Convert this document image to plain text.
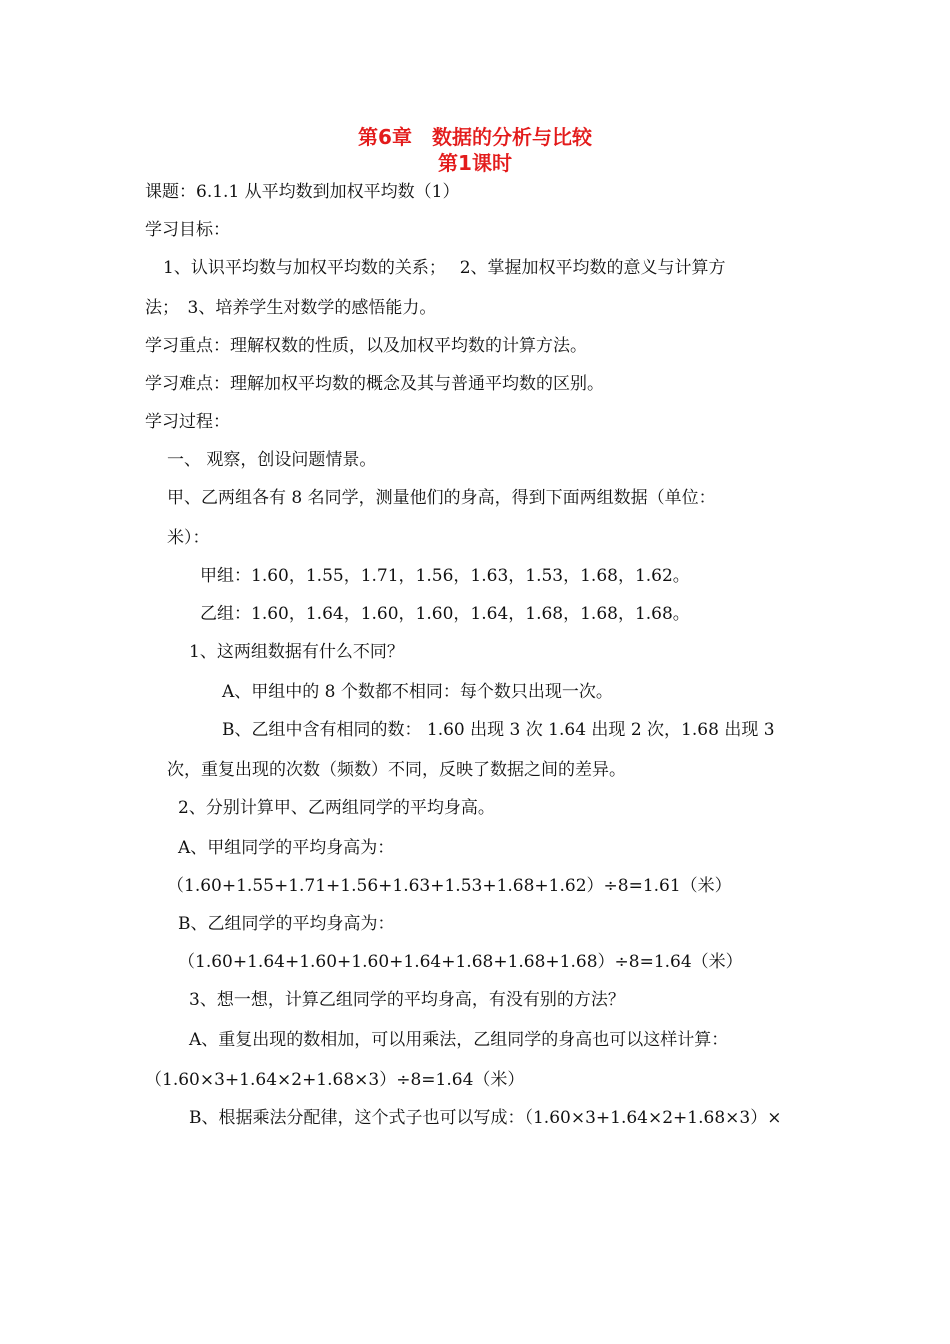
第6章　数据的分析与比较
第1课时
课题：6.1.1 从平均数到加权平均数（1）
学习目标：
1、认识平均数与加权平均数的关系；　 2、掌握加权平均数的意义与计算方
法；　3、培养学生对数学的感悟能力。
学习重点：理解权数的性质，以及加权平均数的计算方法。
学习难点：理解加权平均数的概念及其与普通平均数的区别。
学习过程：
一、 观察，创设问题情景。
甲、乙两组各有 8 名同学，测量他们的身高，得到下面两组数据（单位：
米）：
甲组：1.60，1.55，1.71，1.56，1.63，1.53，1.68，1.62。
乙组：1.60，1.64，1.60，1.60，1.64，1.68，1.68，1.68。
1、这两组数据有什么不同？
A、甲组中的 8 个数都不相同：每个数只出现一次。
B、乙组中含有相同的数： 1.60 出现 3 次 1.64 出现 2 次，1.68 出现 3
次，重复出现的次数（频数）不同，反映了数据之间的差异。
2、分别计算甲、乙两组同学的平均身高。
A、甲组同学的平均身高为：
（1.60+1.55+1.71+1.56+1.63+1.53+1.68+1.62）÷8=1.61（米）
B、乙组同学的平均身高为：
（1.60+1.64+1.60+1.60+1.64+1.68+1.68+1.68）÷8=1.64（米）
3、想一想，计算乙组同学的平均身高，有没有别的方法？
A、重复出现的数相加，可以用乘法，乙组同学的身高也可以这样计算：
（1.60×3+1.64×2+1.68×3）÷8=1.64（米）
B、根据乘法分配律，这个式子也可以写成：（1.60×3+1.64×2+1.68×3）×
